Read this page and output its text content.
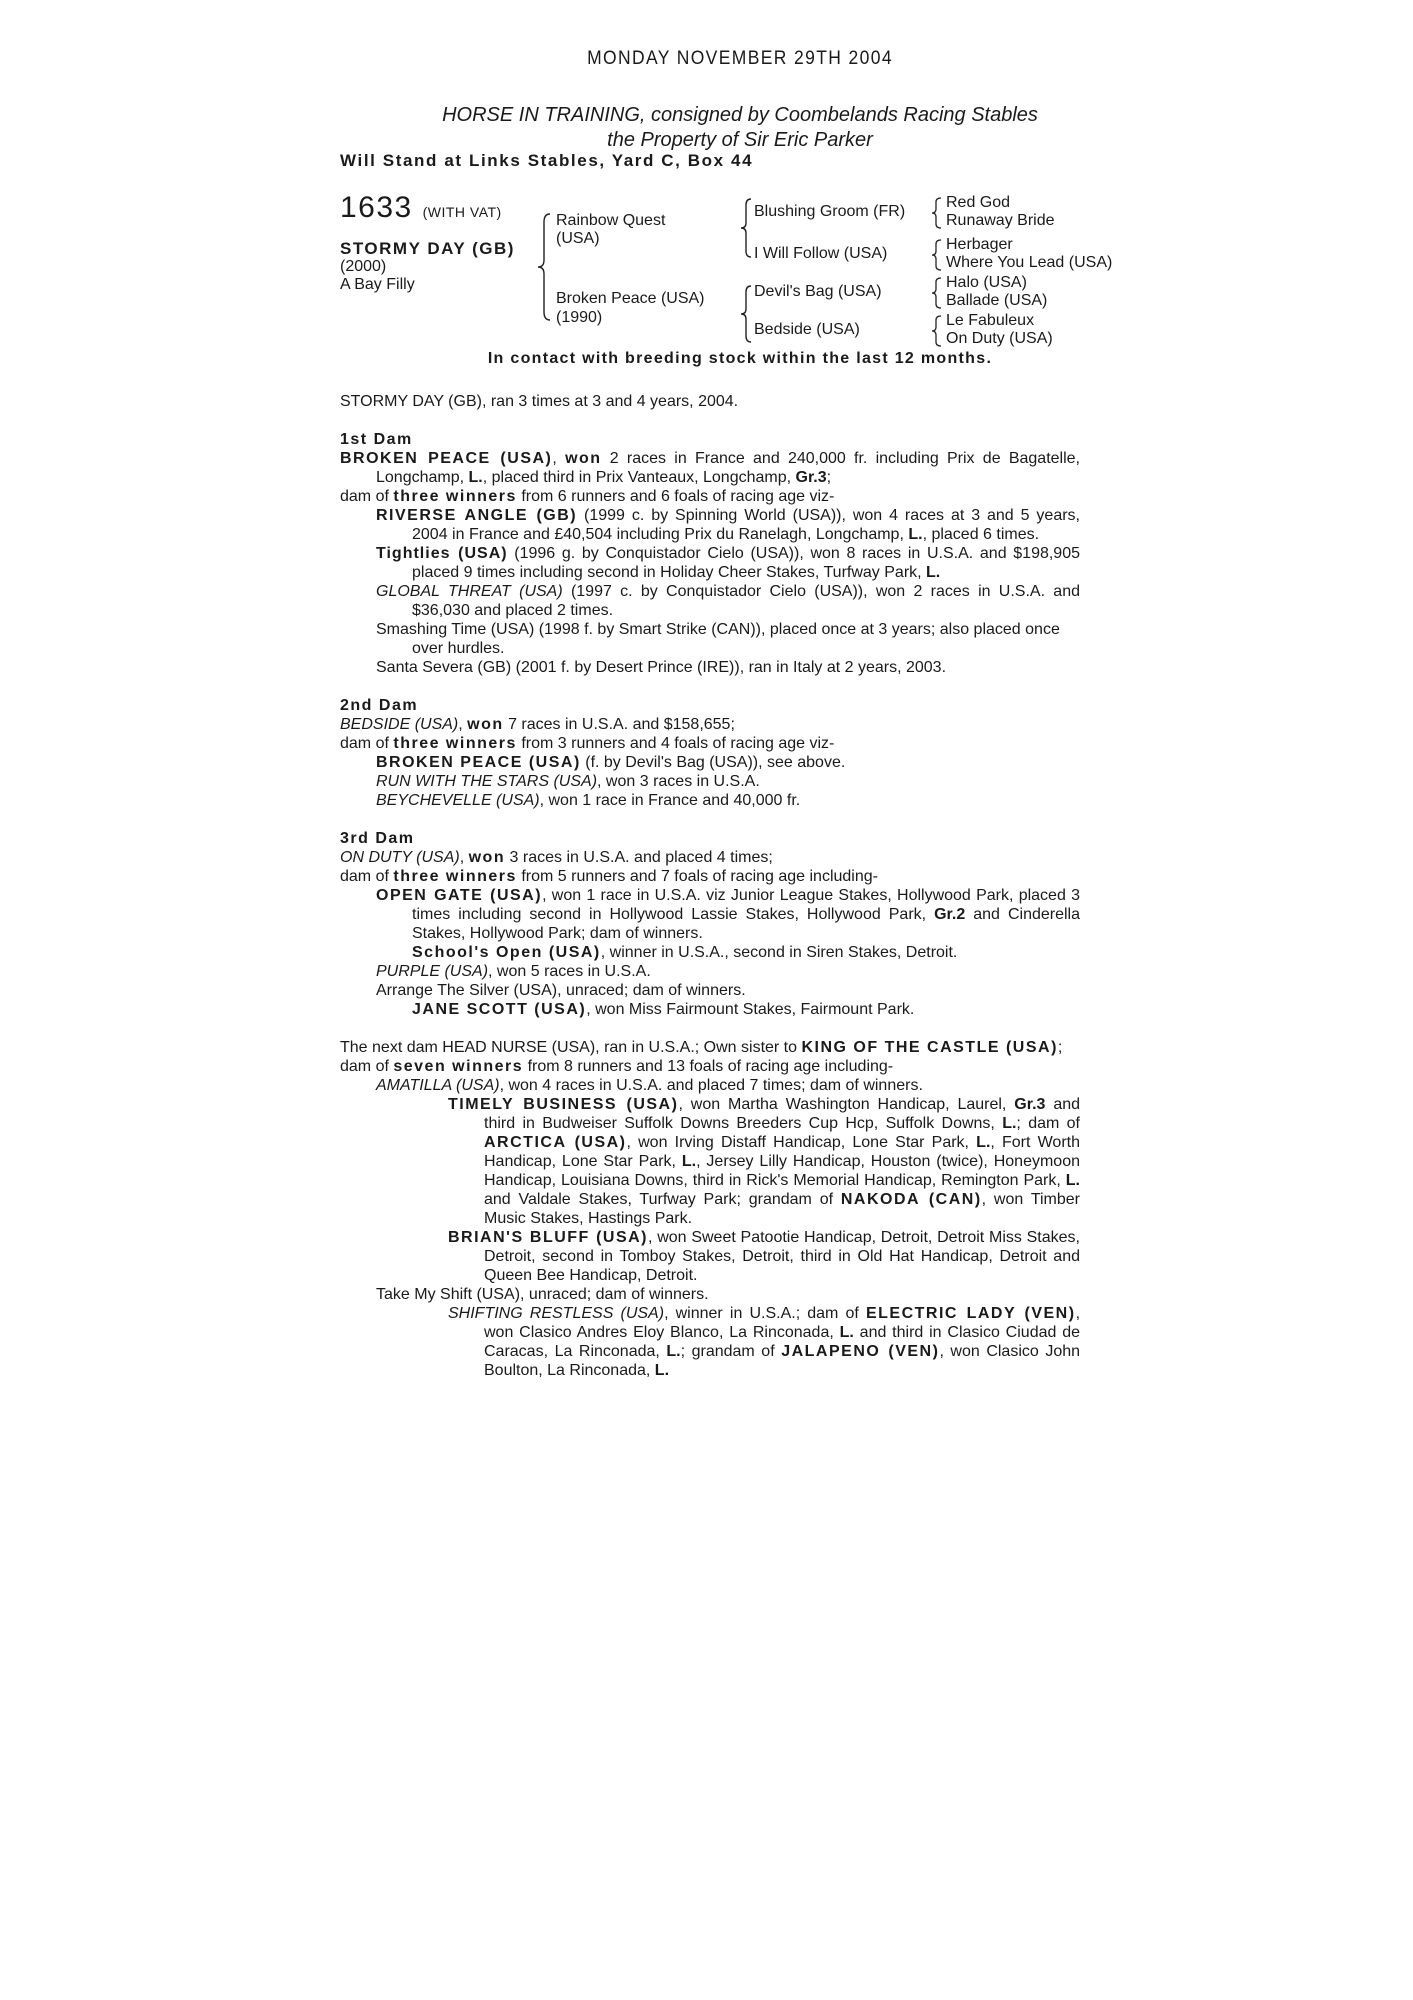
MONDAY NOVEMBER 29TH 2004
HORSE IN TRAINING, consigned by Coombelands Racing Stables
the Property of Sir Eric Parker
Will Stand at Links Stables, Yard C, Box 44
1633 (WITH VAT)
STORMY DAY (GB)
(2000)
A Bay Filly
Rainbow Quest
(USA)
Broken Peace (USA)
(1990)
Blushing Groom (FR)
I Will Follow (USA)
Devil's Bag (USA)
Bedside (USA)
Red God
Runaway Bride
Herbager
Where You Lead (USA)
Halo (USA)
Ballade (USA)
Le Fabuleux
On Duty (USA)
In contact with breeding stock within the last 12 months.

STORMY DAY (GB), ran 3 times at 3 and 4 years, 2004.

1st Dam

BROKEN PEACE (USA), won 2 races in France and 240,000 fr. including Prix de Bagatelle, Longchamp, L., placed third in Prix Vanteaux, Longchamp, Gr.3;

dam of three winners from 6 runners and 6 foals of racing age viz-

RIVERSE ANGLE (GB) (1999 c. by Spinning World (USA)), won 4 races at 3 and 5 years, 2004 in France and £40,504 including Prix du Ranelagh, Longchamp, L., placed 6 times.

Tightlies (USA) (1996 g. by Conquistador Cielo (USA)), won 8 races in U.S.A. and $198,905 placed 9 times including second in Holiday Cheer Stakes, Turfway Park, L.

GLOBAL THREAT (USA) (1997 c. by Conquistador Cielo (USA)), won 2 races in U.S.A. and $36,030 and placed 2 times.

Smashing Time (USA) (1998 f. by Smart Strike (CAN)), placed once at 3 years; also placed once over hurdles.

Santa Severa (GB) (2001 f. by Desert Prince (IRE)), ran in Italy at 2 years, 2003.

2nd Dam

BEDSIDE (USA), won 7 races in U.S.A. and $158,655;

dam of three winners from 3 runners and 4 foals of racing age viz-

BROKEN PEACE (USA) (f. by Devil's Bag (USA)), see above.

RUN WITH THE STARS (USA), won 3 races in U.S.A.

BEYCHEVELLE (USA), won 1 race in France and 40,000 fr.

3rd Dam

ON DUTY (USA), won 3 races in U.S.A. and placed 4 times;

dam of three winners from 5 runners and 7 foals of racing age including-

OPEN GATE (USA), won 1 race in U.S.A. viz Junior League Stakes, Hollywood Park, placed 3 times including second in Hollywood Lassie Stakes, Hollywood Park, Gr.2 and Cinderella Stakes, Hollywood Park; dam of winners.

School's Open (USA), winner in U.S.A., second in Siren Stakes, Detroit.

PURPLE (USA), won 5 races in U.S.A.

Arrange The Silver (USA), unraced; dam of winners.

JANE SCOTT (USA), won Miss Fairmount Stakes, Fairmount Park.

The next dam HEAD NURSE (USA), ran in U.S.A.; Own sister to KING OF THE CASTLE (USA);

dam of seven winners from 8 runners and 13 foals of racing age including-

AMATILLA (USA), won 4 races in U.S.A. and placed 7 times; dam of winners.

TIMELY BUSINESS (USA), won Martha Washington Handicap, Laurel, Gr.3 and third in Budweiser Suffolk Downs Breeders Cup Hcp, Suffolk Downs, L.; dam of ARCTICA (USA), won Irving Distaff Handicap, Lone Star Park, L., Fort Worth Handicap, Lone Star Park, L., Jersey Lilly Handicap, Houston (twice), Honeymoon Handicap, Louisiana Downs, third in Rick's Memorial Handicap, Remington Park, L. and Valdale Stakes, Turfway Park; grandam of NAKODA (CAN), won Timber Music Stakes, Hastings Park.

BRIAN'S BLUFF (USA), won Sweet Patootie Handicap, Detroit, Detroit Miss Stakes, Detroit, second in Tomboy Stakes, Detroit, third in Old Hat Handicap, Detroit and Queen Bee Handicap, Detroit.

Take My Shift (USA), unraced; dam of winners.

SHIFTING RESTLESS (USA), winner in U.S.A.; dam of ELECTRIC LADY (VEN), won Clasico Andres Eloy Blanco, La Rinconada, L. and third in Clasico Ciudad de Caracas, La Rinconada, L.; grandam of JALAPENO (VEN), won Clasico John Boulton, La Rinconada, L.
